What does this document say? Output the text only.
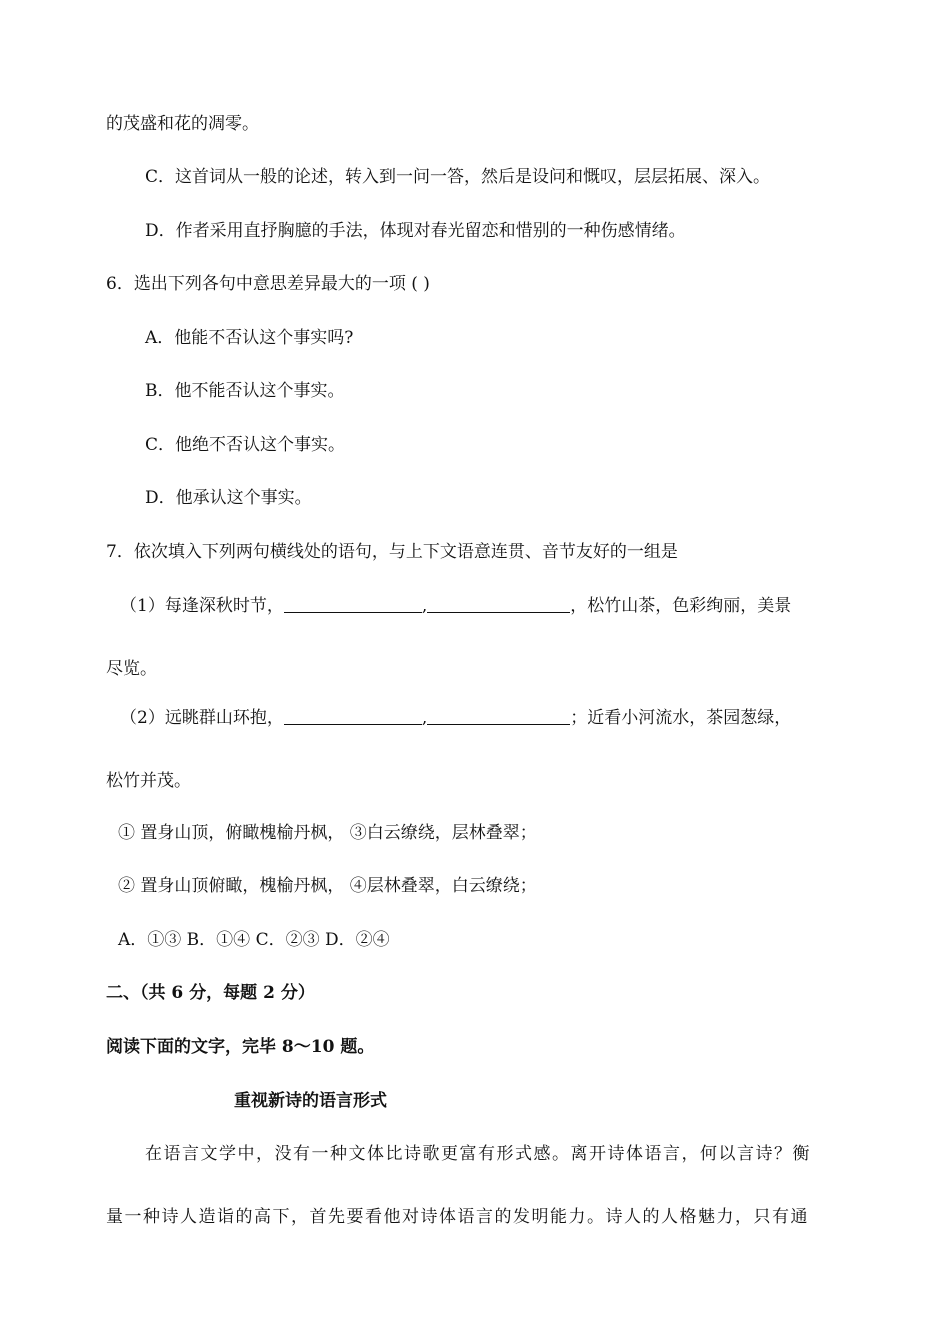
的茂盛和花的凋零。

C．这首词从一般的论述，转入到一问一答，然后是设问和慨叹，层层拓展、深入。

D．作者采用直抒胸臆的手法，体现对春光留恋和惜别的一种伤感情绪。

6．选出下列各句中意思差异最大的一项 ( )

A．他能不否认这个事实吗?

B．他不能否认这个事实。

C．他绝不否认这个事实。

D．他承认这个事实。

7．依次填入下列两句横线处的语句，与上下文语意连贯、音节友好的一组是

（1）每逢深秋时节，	,	，松竹山茶，色彩绚丽，美景

尽览。

（2）远眺群山环抱，	,	；近看小河流水，茶园葱绿，

松竹并茂。

① 置身山顶，俯瞰槐榆丹枫， ③白云缭绕，层林叠翠；

② 置身山顶俯瞰，槐榆丹枫， ④层林叠翠，白云缭绕；

A．①③ B．①④ C．②③ D．②④

二、（共 6 分，每题 2 分）

阅读下面的文字，完毕 8～10 题。

重视新诗的语言形式

在语言文学中，没有一种文体比诗歌更富有形式感。离开诗体语言，何以言诗？衡

量一种诗人造诣的高下，首先要看他对诗体语言的发明能力。诗人的人格魅力，只有通
